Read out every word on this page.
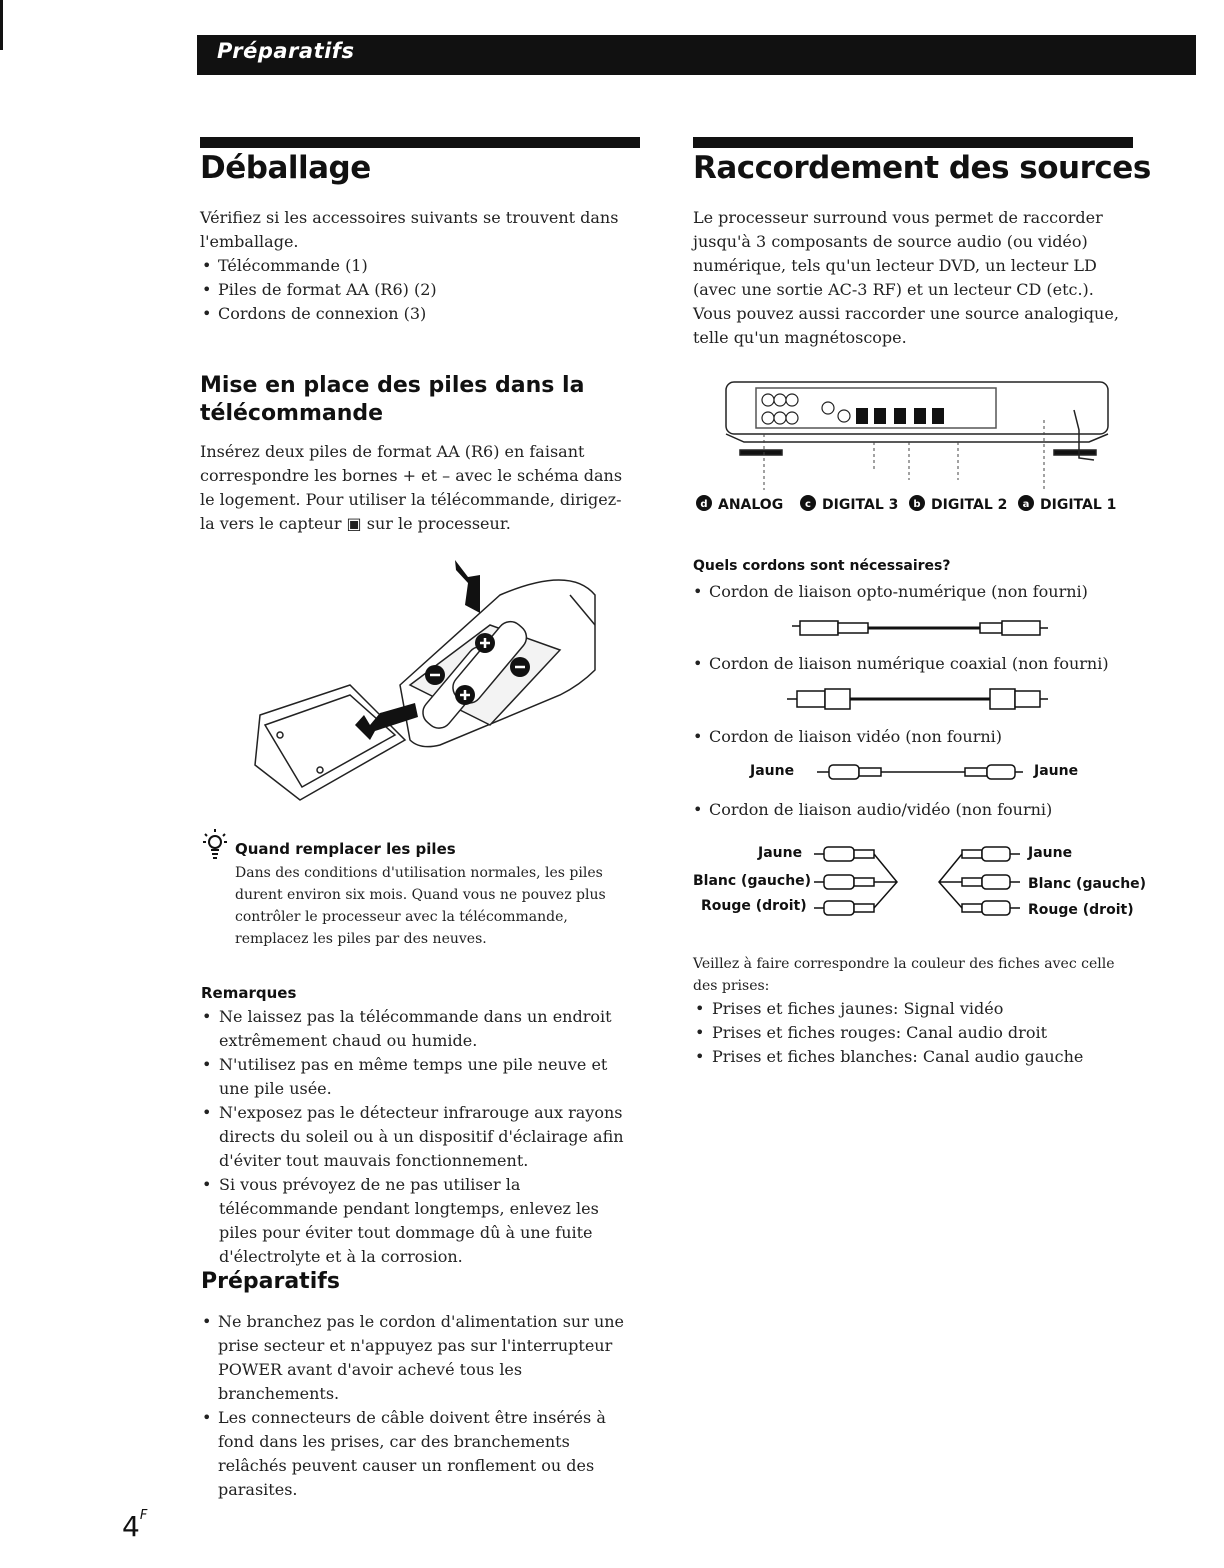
Préparatifs
Déballage
Vérifiez si les accessoires suivants se trouvent dans l'emballage.
• Télécommande (1)
• Piles de format AA (R6) (2)
• Cordons de connexion (3)
Mise en place des piles dans la télécommande
Insérez deux piles de format AA (R6) en faisant correspondre les bornes + et – avec le schéma dans le logement. Pour utiliser la télécommande, dirigez-la vers le capteur ▣ sur le processeur.
Quand remplacer les piles
Dans des conditions d'utilisation normales, les piles durent environ six mois. Quand vous ne pouvez plus contrôler le processeur avec la télécommande, remplacez les piles par des neuves.
Remarques
• Ne laissez pas la télécommande dans un endroit extrêmement chaud ou humide.
• N'utilisez pas en même temps une pile neuve et une pile usée.
• N'exposez pas le détecteur infrarouge aux rayons directs du soleil ou à un dispositif d'éclairage afin d'éviter tout mauvais fonctionnement.
• Si vous prévoyez de ne pas utiliser la télécommande pendant longtemps, enlevez les piles pour éviter tout dommage dû à une fuite d'électrolyte et à la corrosion.
Préparatifs
• Ne branchez pas le cordon d'alimentation sur une prise secteur et n'appuyez pas sur l'interrupteur POWER avant d'avoir achevé tous les branchements.
• Les connecteurs de câble doivent être insérés à fond dans les prises, car des branchements relâchés peuvent causer un ronflement ou des parasites.
$4^F$
Raccordement des sources
Le processeur surround vous permet de raccorder jusqu'à 3 composants de source audio (ou vidéo) numérique, tels qu'un lecteur DVD, un lecteur LD (avec une sortie AC-3 RF) et un lecteur CD (etc.). Vous pouvez aussi raccorder une source analogique, telle qu'un magnétoscope.
d ANALOG c DIGITAL 3 b DIGITAL 2 a DIGITAL 1
Quels cordons sont nécessaires?
• Cordon de liaison opto-numérique (non fourni)
• Cordon de liaison numérique coaxial (non fourni)
• Cordon de liaison vidéo (non fourni)
Jaune	Jaune
• Cordon de liaison audio/vidéo (non fourni)
Jaune
Blanc (gauche)
Rouge (droit)
Jaune
Blanc (gauche)
Rouge (droit)
Veillez à faire correspondre la couleur des fiches avec celle des prises:
• Prises et fiches jaunes: Signal vidéo
• Prises et fiches rouges: Canal audio droit
• Prises et fiches blanches: Canal audio gauche
